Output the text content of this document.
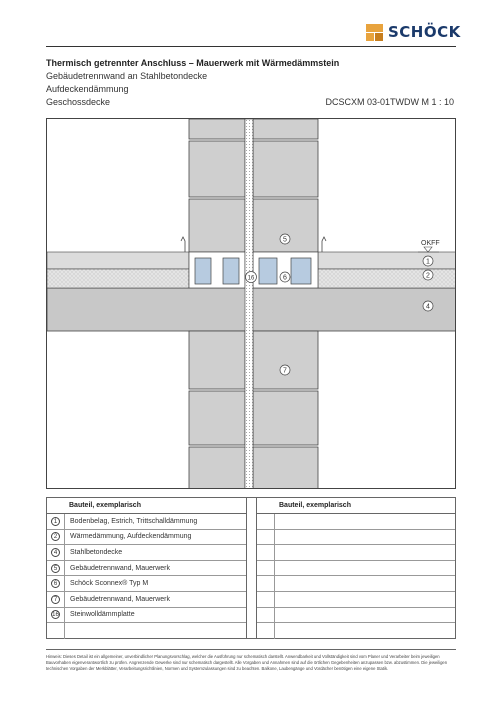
SCHÖCK
Thermisch getrennter Anschluss – Mauerwerk mit Wärmedämmstein
Gebäudetrennwand an Stahlbetondecke
Aufdeckendämmung
Geschossdecke	DCSCXM 03-01TWDW M 1 : 10
OKFF
1
2
4
5
6
7
16
Bauteil, exemplarisch
1	Bodenbelag, Estrich, Trittschalldämmung
2	Wärmedämmung, Aufdeckendämmung
4	Stahlbetondecke
5	Gebäudetrennwand, Mauerwerk
6	Schöck Sconnex® Typ M
7	Gebäudetrennwand, Mauerwerk
16	Steinwolldämmplatte
Bauteil, exemplarisch
Hinweis: Dieses Detail ist ein allgemeiner, unverbindlicher Planungsvorschlag, welcher die Ausführung nur schematisch darstellt. Anwendbarkeit und Vollständigkeit sind vom Planer und Verarbeiter beim jeweiligen Bauvorhaben eigenverantwortlich zu prüfen. Angrenzende Gewerke sind nur schematisch dargestellt. Alle Vorgaben und Annahmen sind auf die örtlichen Gegebenheiten anzupassen bzw. abzustimmen. Die jeweiligen technischen Vorgaben der Merkblätter, Verarbeitungsrichtlinien, Normen und Systemzulassungen sind zu beachten. Balkone, Laubengänge und Vordächer benötigen eine eigene Statik.
